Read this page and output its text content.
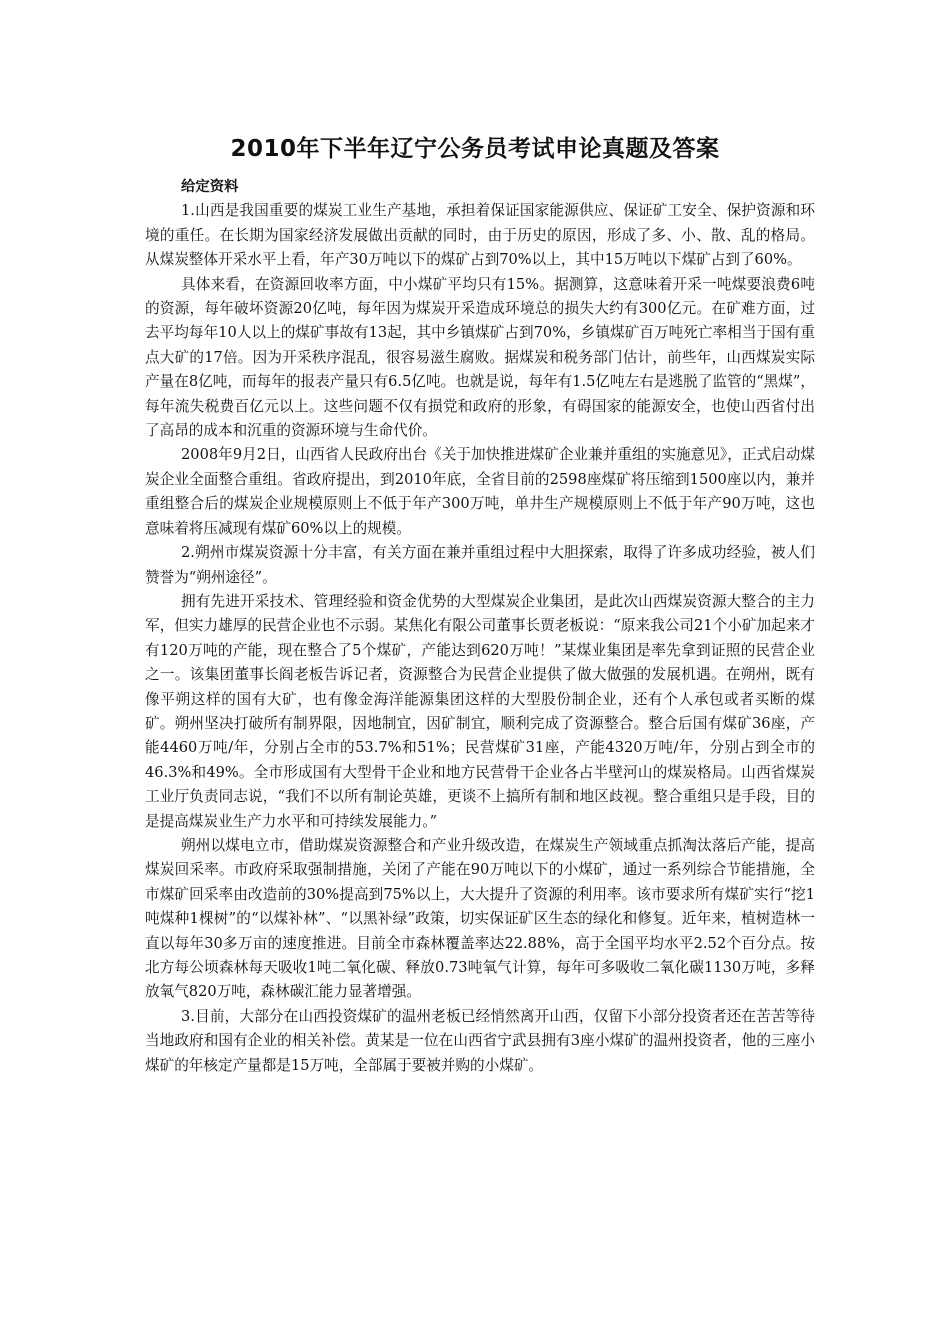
2010年下半年辽宁公务员考试申论真题及答案

给定资料

1.山西是我国重要的煤炭工业生产基地，承担着保证国家能源供应、保证矿工安全、保护资源和环境的重任。在长期为国家经济发展做出贡献的同时，由于历史的原因，形成了多、小、散、乱的格局。从煤炭整体开采水平上看，年产30万吨以下的煤矿占到70%以上，其中15万吨以下煤矿占到了60%。

具体来看，在资源回收率方面，中小煤矿平均只有15%。据测算，这意味着开采一吨煤要浪费6吨的资源，每年破坏资源20亿吨，每年因为煤炭开采造成环境总的损失大约有300亿元。在矿难方面，过去平均每年10人以上的煤矿事故有13起，其中乡镇煤矿占到70%，乡镇煤矿百万吨死亡率相当于国有重点大矿的17倍。因为开采秩序混乱，很容易滋生腐败。据煤炭和税务部门估计，前些年，山西煤炭实际产量在8亿吨，而每年的报表产量只有6.5亿吨。也就是说，每年有1.5亿吨左右是逃脱了监管的“黑煤”，每年流失税费百亿元以上。这些问题不仅有损党和政府的形象，有碍国家的能源安全，也使山西省付出了高昂的成本和沉重的资源环境与生命代价。

2008年9月2日，山西省人民政府出台《关于加快推进煤矿企业兼并重组的实施意见》，正式启动煤炭企业全面整合重组。省政府提出，到2010年底，全省目前的2598座煤矿将压缩到1500座以内，兼并重组整合后的煤炭企业规模原则上不低于年产300万吨，单井生产规模原则上不低于年产90万吨，这也意味着将压减现有煤矿60%以上的规模。

2.朔州市煤炭资源十分丰富，有关方面在兼并重组过程中大胆探索，取得了许多成功经验，被人们赞誉为“朔州途径”。

拥有先进开采技术、管理经验和资金优势的大型煤炭企业集团，是此次山西煤炭资源大整合的主力军，但实力雄厚的民营企业也不示弱。某焦化有限公司董事长贾老板说：“原来我公司21个小矿加起来才有120万吨的产能，现在整合了5个煤矿，产能达到620万吨！”某煤业集团是率先拿到证照的民营企业之一。该集团董事长阎老板告诉记者，资源整合为民营企业提供了做大做强的发展机遇。在朔州，既有像平朔这样的国有大矿，也有像金海洋能源集团这样的大型股份制企业，还有个人承包或者买断的煤矿。朔州坚决打破所有制界限，因地制宜，因矿制宜，顺利完成了资源整合。整合后国有煤矿36座，产能4460万吨/年，分别占全市的53.7%和51%；民营煤矿31座，产能4320万吨/年，分别占到全市的46.3%和49%。全市形成国有大型骨干企业和地方民营骨干企业各占半壁河山的煤炭格局。山西省煤炭工业厅负责同志说，“我们不以所有制论英雄，更谈不上搞所有制和地区歧视。整合重组只是手段，目的是提高煤炭业生产力水平和可持续发展能力。”

朔州以煤电立市，借助煤炭资源整合和产业升级改造，在煤炭生产领域重点抓淘汰落后产能，提高煤炭回采率。市政府采取强制措施，关闭了产能在90万吨以下的小煤矿，通过一系列综合节能措施，全市煤矿回采率由改造前的30%提高到75%以上，大大提升了资源的利用率。该市要求所有煤矿实行“挖1吨煤种1棵树”的“以煤补林”、“以黑补绿”政策，切实保证矿区生态的绿化和修复。近年来，植树造林一直以每年30多万亩的速度推进。目前全市森林覆盖率达22.88%，高于全国平均水平2.52个百分点。按北方每公顷森林每天吸收1吨二氧化碳、释放0.73吨氧气计算，每年可多吸收二氧化碳1130万吨，多释放氧气820万吨，森林碳汇能力显著增强。

3.目前，大部分在山西投资煤矿的温州老板已经悄然离开山西，仅留下小部分投资者还在苦苦等待当地政府和国有企业的相关补偿。黄某是一位在山西省宁武县拥有3座小煤矿的温州投资者，他的三座小煤矿的年核定产量都是15万吨，全部属于要被并购的小煤矿。
